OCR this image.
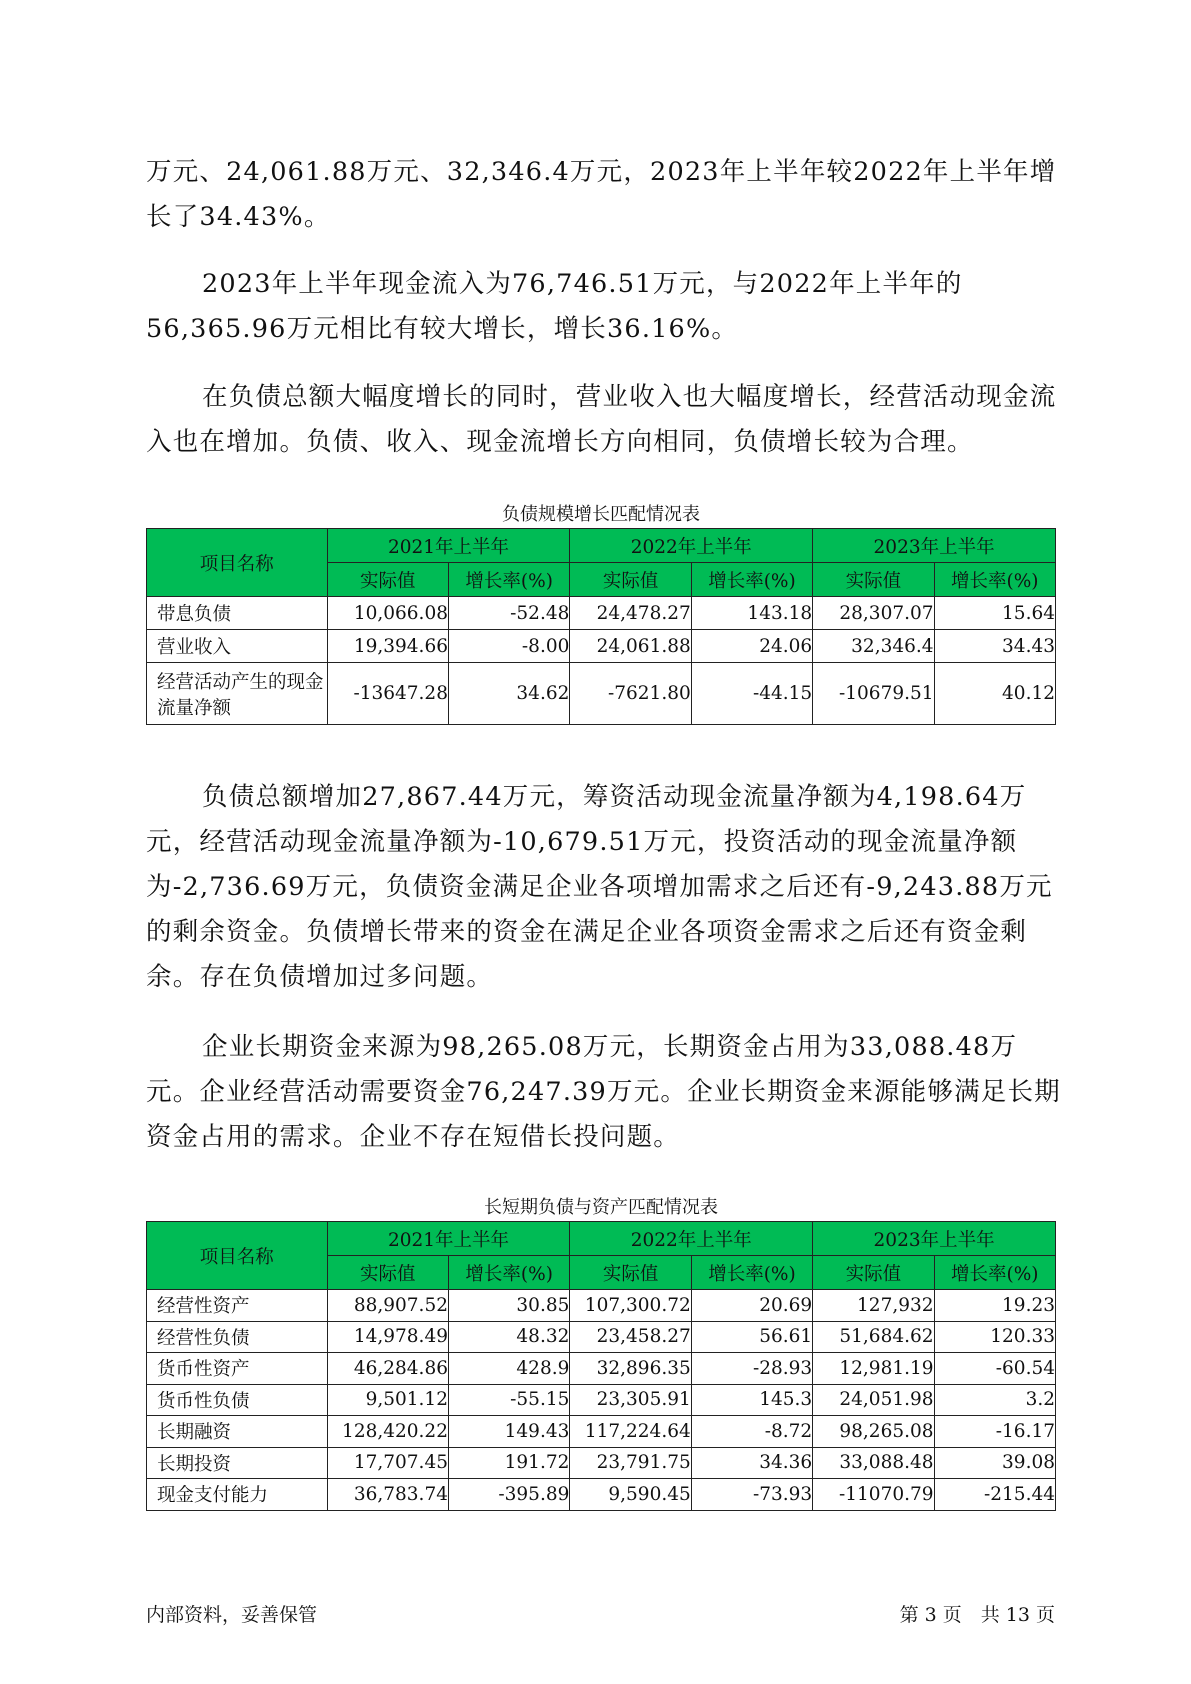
万元、24,061.88万元、32,346.4万元，2023年上半年较2022年上半年增长了34.43%。

2023年上半年现金流入为76,746.51万元，与2022年上半年的56,365.96万元相比有较大增长，增长36.16%。

在负债总额大幅度增长的同时，营业收入也大幅度增长，经营活动现金流入也在增加。负债、收入、现金流增长方向相同，负债增长较为合理。

负债规模增长匹配情况表
项目名称	2021年上半年		2022年上半年		2023年上半年	
	实际值	增长率(%)	实际值	增长率(%)	实际值	增长率(%)
带息负债	10,066.08	-52.48	24,478.27	143.18	28,307.07	15.64
营业收入	19,394.66	-8.00	24,061.88	24.06	32,346.4	34.43
经营活动产生的现金流量净额	-13647.28	34.62	-7621.80	-44.15	-10679.51	40.12

负债总额增加27,867.44万元，筹资活动现金流量净额为4,198.64万元，经营活动现金流量净额为-10,679.51万元，投资活动的现金流量净额为-2,736.69万元，负债资金满足企业各项增加需求之后还有-9,243.88万元的剩余资金。负债增长带来的资金在满足企业各项资金需求之后还有资金剩余。存在负债增加过多问题。

企业长期资金来源为98,265.08万元，长期资金占用为33,088.48万元。企业经营活动需要资金76,247.39万元。企业长期资金来源能够满足长期资金占用的需求。企业不存在短借长投问题。

长短期负债与资产匹配情况表
项目名称	2021年上半年		2022年上半年		2023年上半年	
	实际值	增长率(%)	实际值	增长率(%)	实际值	增长率(%)
经营性资产	88,907.52	30.85	107,300.72	20.69	127,932	19.23
经营性负债	14,978.49	48.32	23,458.27	56.61	51,684.62	120.33
货币性资产	46,284.86	428.9	32,896.35	-28.93	12,981.19	-60.54
货币性负债	9,501.12	-55.15	23,305.91	145.3	24,051.98	3.2
长期融资	128,420.22	149.43	117,224.64	-8.72	98,265.08	-16.17
长期投资	17,707.45	191.72	23,791.75	34.36	33,088.48	39.08
现金支付能力	36,783.74	-395.89	9,590.45	-73.93	-11070.79	-215.44
内部资料，妥善保管	第 3 页　共 13 页
